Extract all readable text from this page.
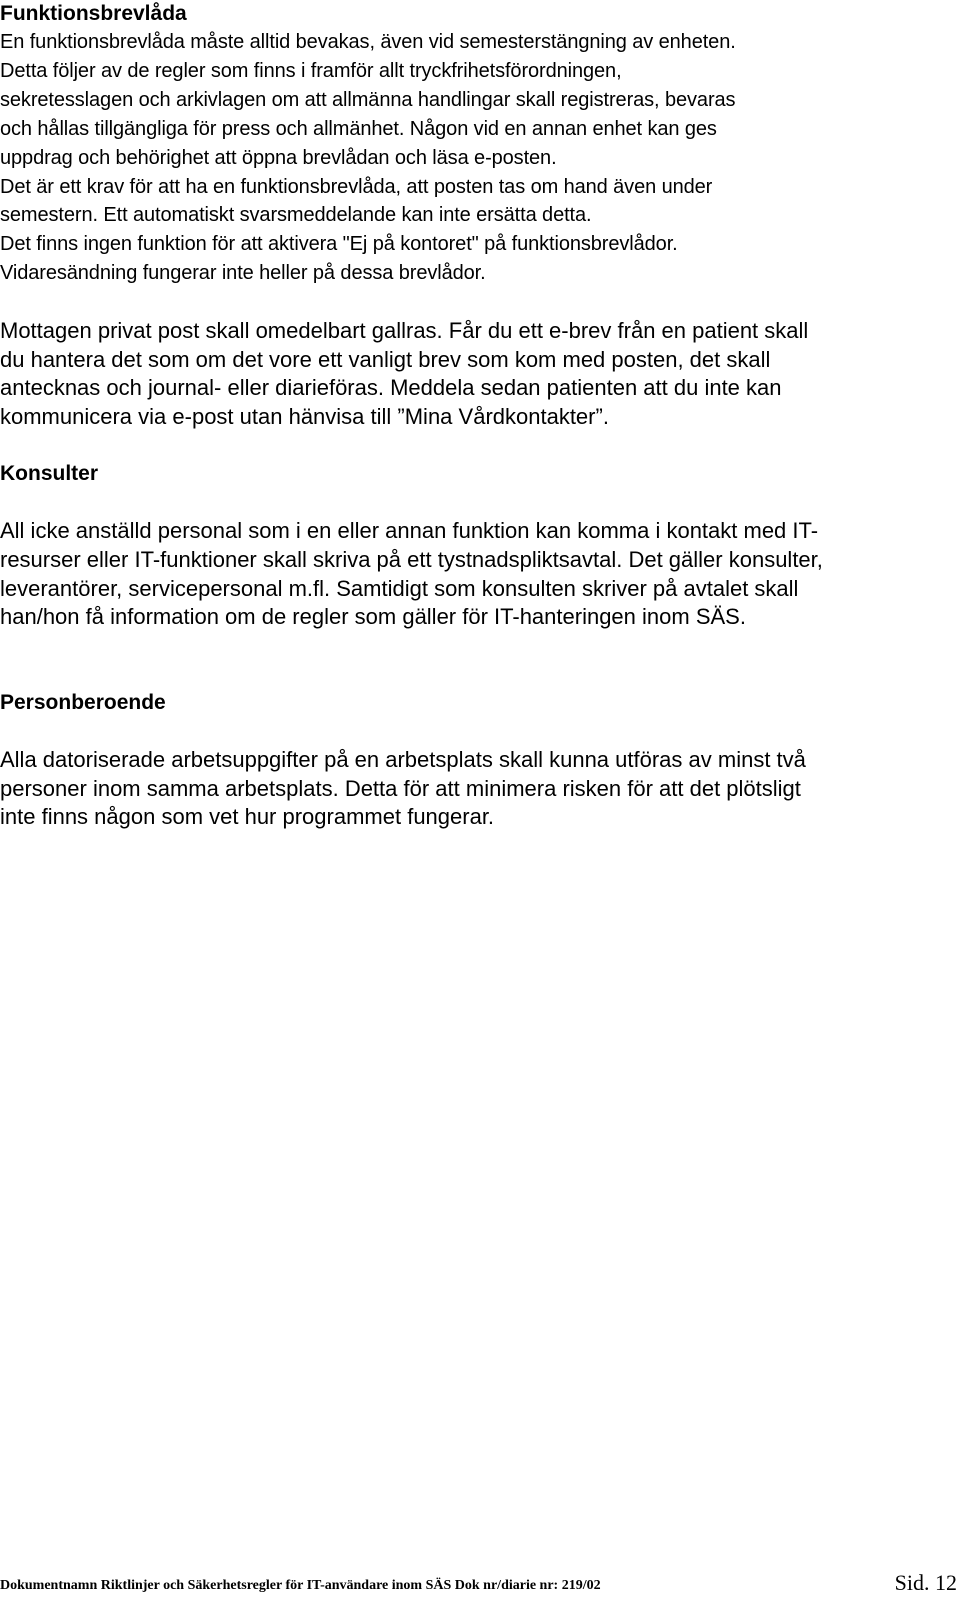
Funktionsbrevlåda
En funktionsbrevlåda måste alltid bevakas, även vid semesterstängning av enheten.
Detta följer av de regler som finns i framför allt tryckfrihetsförordningen,
sekretesslagen och arkivlagen om att allmänna handlingar skall registreras, bevaras
och hållas tillgängliga för press och allmänhet. Någon vid en annan enhet kan ges
uppdrag och behörighet att öppna brevlådan och läsa e-posten.
Det är ett krav för att ha en funktionsbrevlåda, att posten tas om hand även under
semestern. Ett automatiskt svarsmeddelande kan inte ersätta detta.
Det finns ingen funktion för att aktivera "Ej på kontoret" på funktionsbrevlådor.
Vidaresändning fungerar inte heller på dessa brevlådor.
Mottagen privat post skall omedelbart gallras. Får du ett e-brev från en patient skall
du hantera det som om det vore ett vanligt brev som kom med posten, det skall
antecknas och journal- eller diarieföras. Meddela sedan patienten att du inte kan
kommunicera via e-post utan hänvisa till ”Mina Vårdkontakter”.
Konsulter
All icke anställd personal som i en eller annan funktion kan komma i kontakt med IT-
resurser eller IT-funktioner skall skriva på ett tystnadspliktsavtal. Det gäller konsulter,
leverantörer, servicepersonal m.fl. Samtidigt som konsulten skriver på avtalet skall
han/hon få information om de regler som gäller för IT-hanteringen inom SÄS.
Personberoende
Alla datoriserade arbetsuppgifter på en arbetsplats skall kunna utföras av minst två
personer inom samma arbetsplats. Detta för att minimera risken för att det plötsligt
inte finns någon som vet hur programmet fungerar.
Dokumentnamn Riktlinjer och Säkerhetsregler för IT-användare inom SÄS Dok nr/diarie nr: 219/02	Sid. 12
